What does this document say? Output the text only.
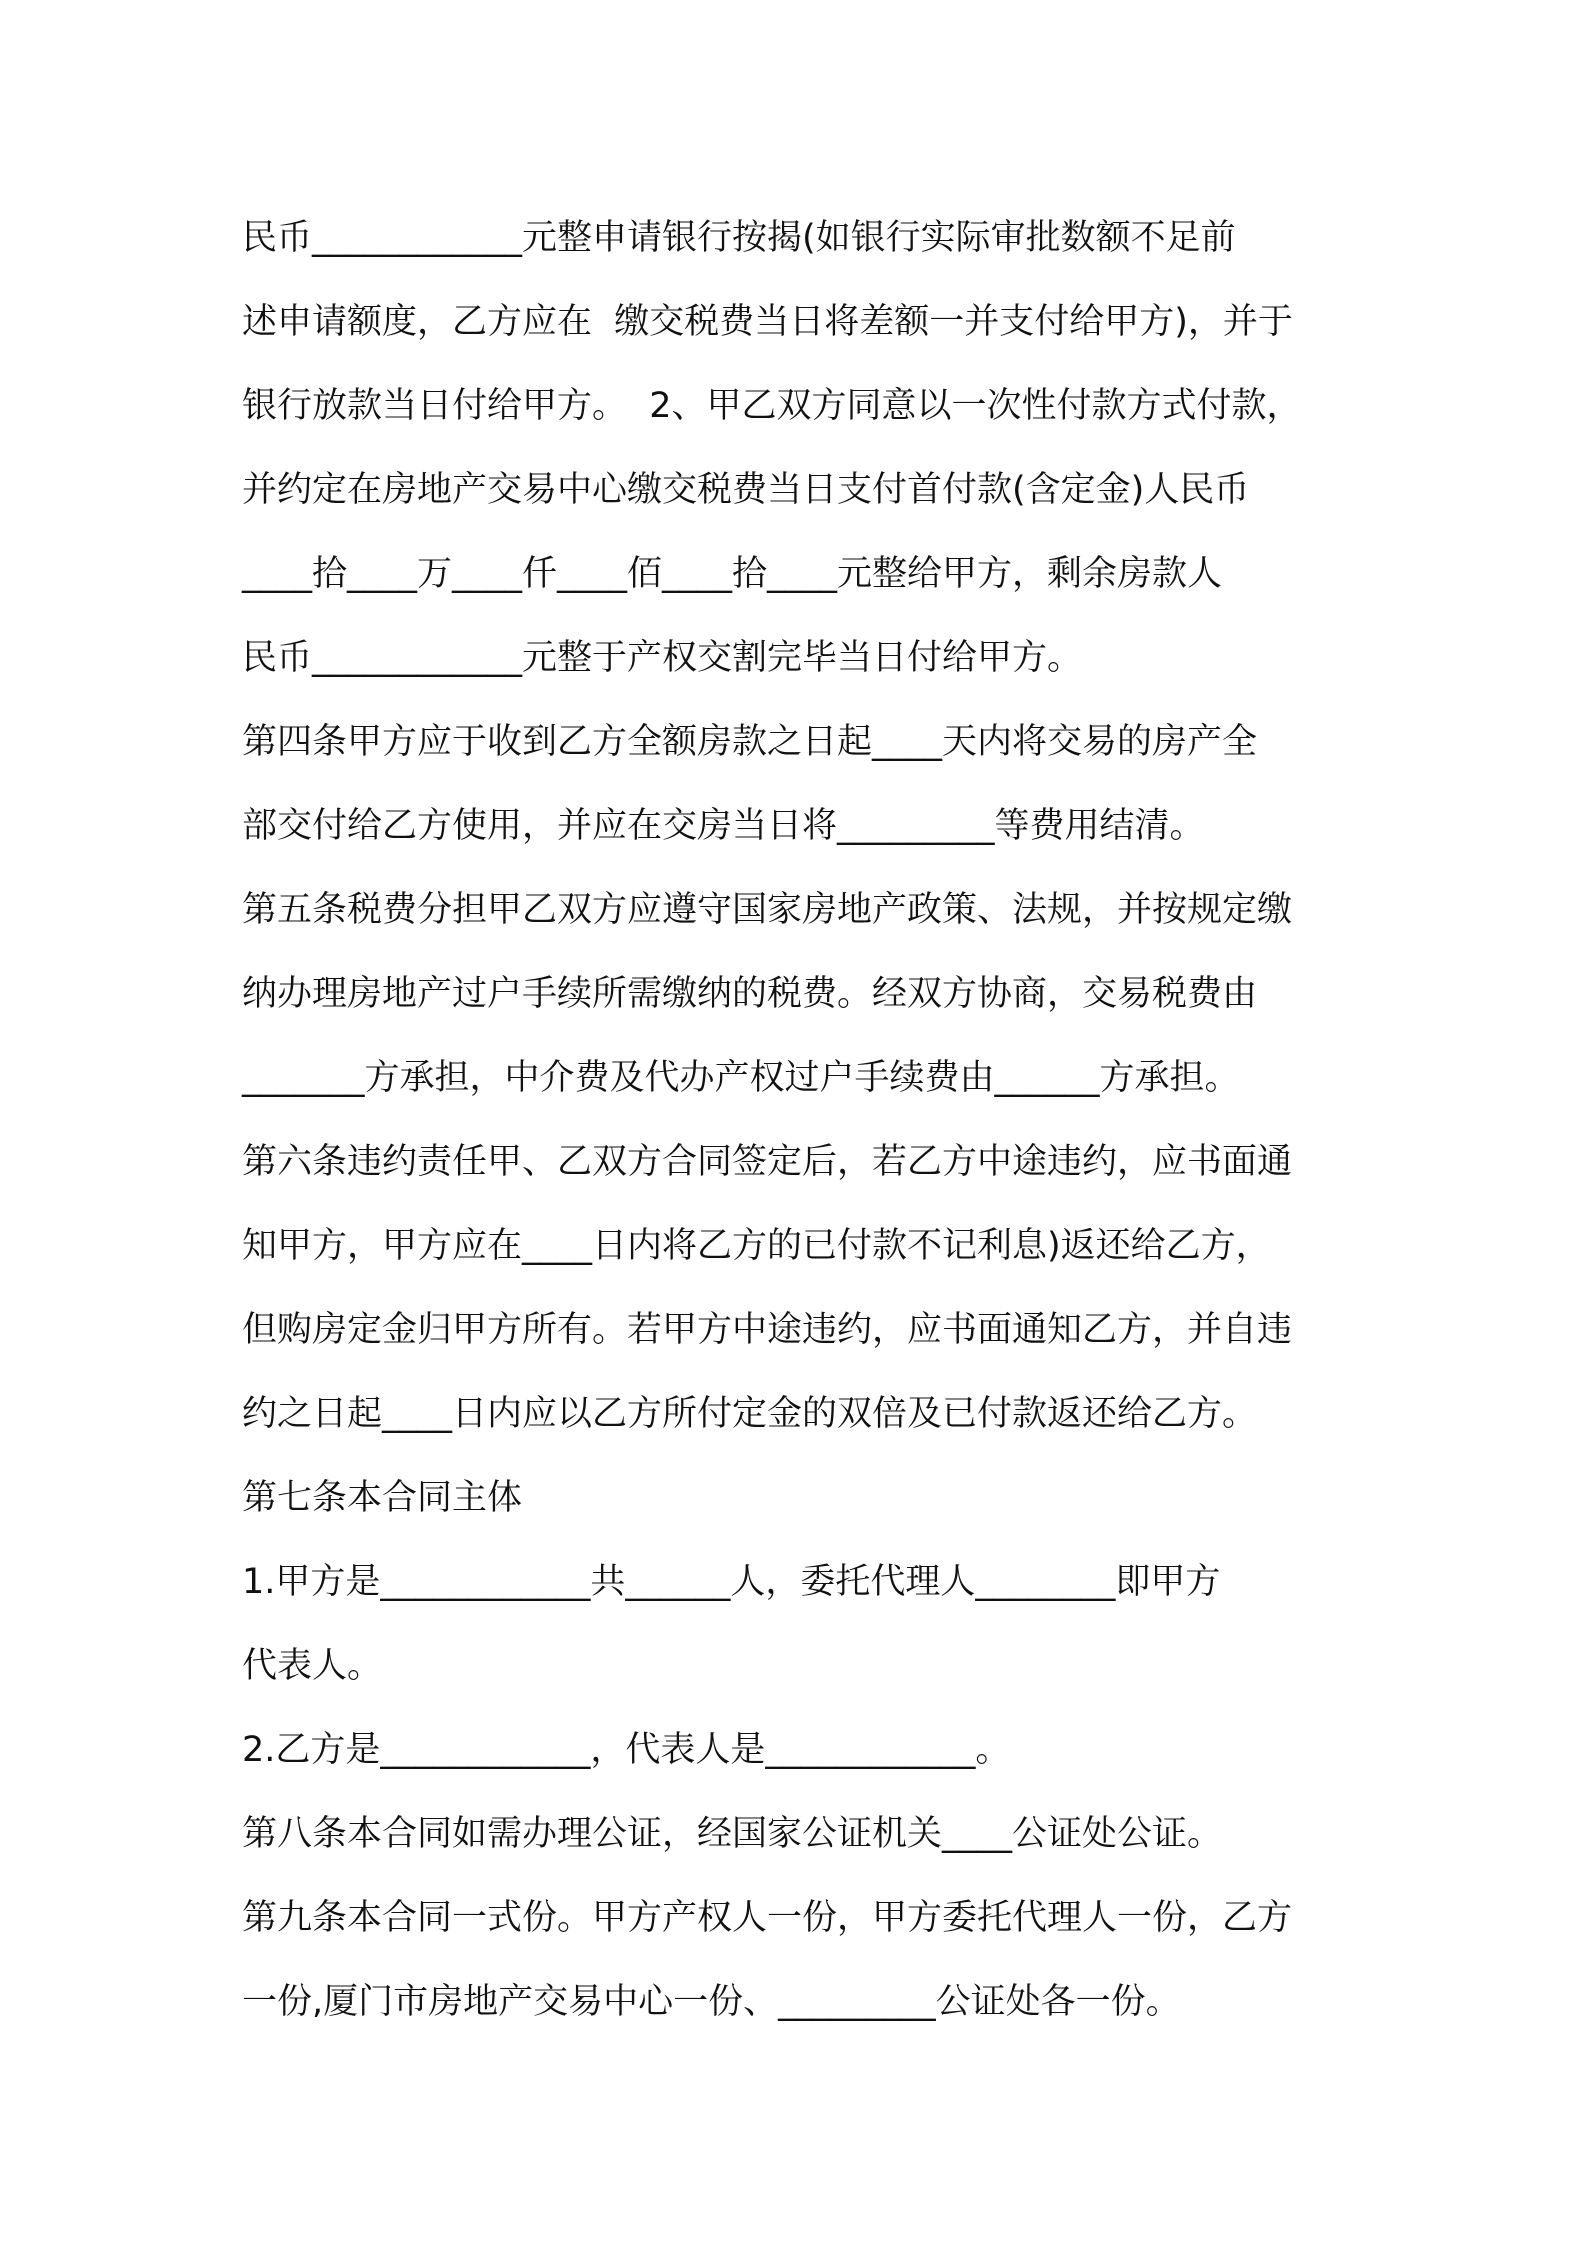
民币____________元整申请银行按揭(如银行实际审批数额不足前
述申请额度，乙方应在  缴交税费当日将差额一并支付给甲方)，并于
银行放款当日付给甲方。  2、甲乙双方同意以一次性付款方式付款，
并约定在房地产交易中心缴交税费当日支付首付款(含定金)人民币
____拾____万____仟____佰____拾____元整给甲方，剩余房款人
民币____________元整于产权交割完毕当日付给甲方。
第四条甲方应于收到乙方全额房款之日起____天内将交易的房产全
部交付给乙方使用，并应在交房当日将_________等费用结清。
第五条税费分担甲乙双方应遵守国家房地产政策、法规，并按规定缴
纳办理房地产过户手续所需缴纳的税费。经双方协商，交易税费由
_______方承担，中介费及代办产权过户手续费由______方承担。
第六条违约责任甲、乙双方合同签定后，若乙方中途违约，应书面通
知甲方，甲方应在____日内将乙方的已付款不记利息)返还给乙方，
但购房定金归甲方所有。若甲方中途违约，应书面通知乙方，并自违
约之日起____日内应以乙方所付定金的双倍及已付款返还给乙方。
第七条本合同主体
1.甲方是____________共______人，委托代理人________即甲方
代表人。
2.乙方是____________，代表人是____________。
第八条本合同如需办理公证，经国家公证机关____公证处公证。
第九条本合同一式份。甲方产权人一份，甲方委托代理人一份，乙方
一份,厦门市房地产交易中心一份、_________公证处各一份。
